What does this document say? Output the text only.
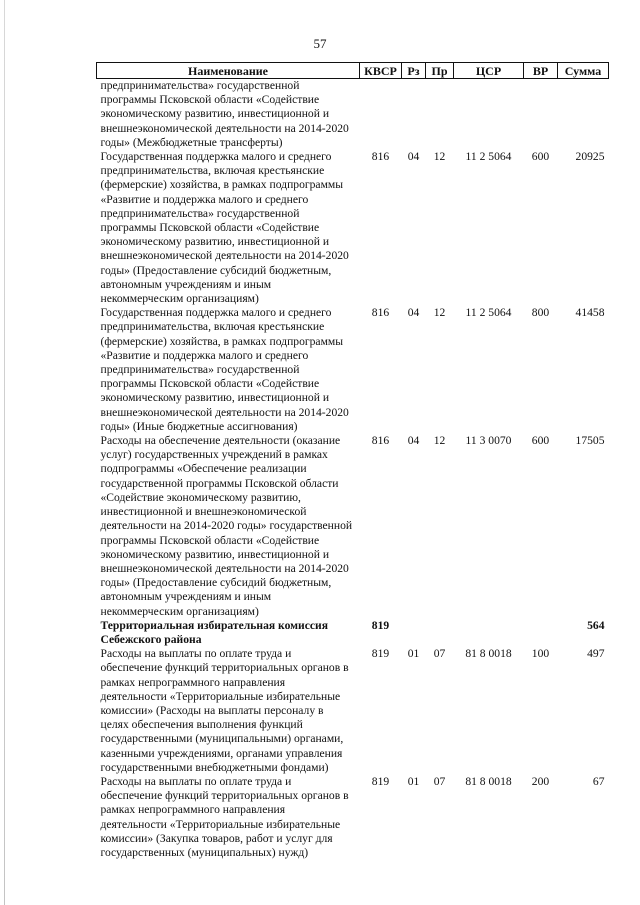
57
Наименование	КВСР	Рз	Пр	ЦСР	ВР	Сумма
предпринимательства» государственной программы Псковской области «Содействие экономическому развитию, инвестиционной и внешнеэкономической деятельности на 2014-2020 годы» (Межбюджетные трансферты)						
Государственная поддержка малого и среднего предпринимательства, включая крестьянские (фермерские) хозяйства, в рамках подпрограммы «Развитие и поддержка малого и среднего предпринимательства» государственной программы Псковской области «Содействие экономическому развитию, инвестиционной и внешнеэкономической деятельности на 2014-2020 годы» (Предоставление субсидий бюджетным, автономным учреждениям и иным некоммерческим организациям)	816	04	12	11 2 5064	600	20925
Государственная поддержка малого и среднего предпринимательства, включая крестьянские (фермерские) хозяйства, в рамках подпрограммы «Развитие и поддержка малого и среднего предпринимательства» государственной программы Псковской области «Содействие экономическому развитию, инвестиционной и внешнеэкономической деятельности на 2014-2020 годы» (Иные бюджетные ассигнования)	816	04	12	11 2 5064	800	41458
Расходы на обеспечение деятельности (оказание услуг) государственных учреждений в рамках подпрограммы «Обеспечение реализации государственной программы Псковской области «Содействие экономическому развитию, инвестиционной и внешнеэкономической деятельности на 2014-2020 годы» государственной программы Псковской области «Содействие экономическому развитию, инвестиционной и внешнеэкономической деятельности на 2014-2020 годы» (Предоставление субсидий бюджетным, автономным учреждениям и иным некоммерческим организациям)	816	04	12	11 3 0070	600	17505
Территориальная избирательная комиссия Себежского района	819					564
Расходы на выплаты по оплате труда и обеспечение функций территориальных органов в рамках непрограммного направления деятельности «Территориальные избирательные комиссии» (Расходы на выплаты персоналу в целях обеспечения выполнения функций государственными (муниципальными) органами, казенными учреждениями, органами управления государственными внебюджетными фондами)	819	01	07	81 8 0018	100	497
Расходы на выплаты по оплате труда и обеспечение функций территориальных органов в рамках непрограммного направления деятельности «Территориальные избирательные комиссии» (Закупка товаров, работ и услуг для государственных (муниципальных) нужд)	819	01	07	81 8 0018	200	67
